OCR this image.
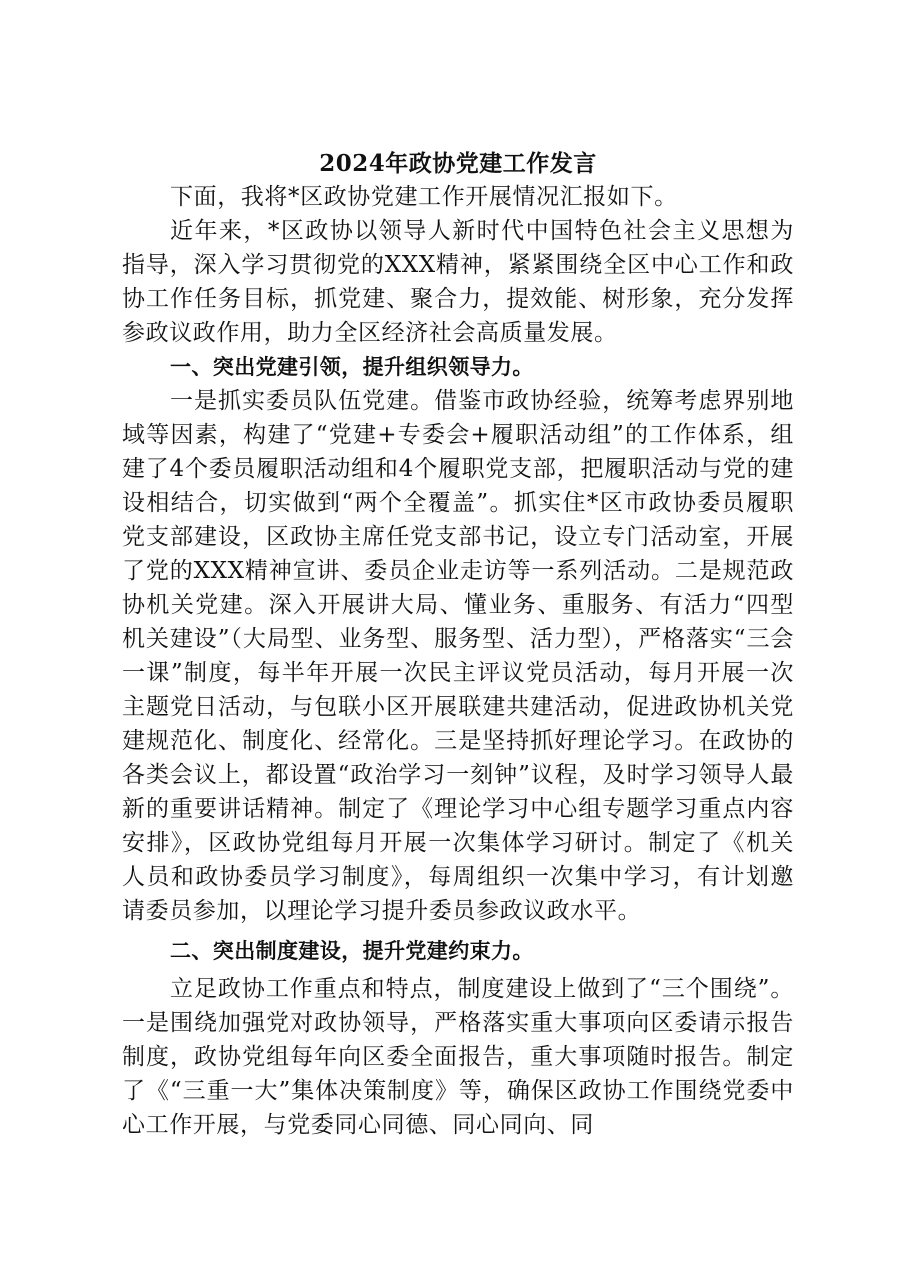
2024年政协党建工作发言

下面，我将*区政协党建工作开展情况汇报如下。

近年来，*区政协以领导人新时代中国特色社会主义思想为指导，深入学习贯彻党的XXX精神，紧紧围绕全区中心工作和政协工作任务目标，抓党建、聚合力，提效能、树形象，充分发挥参政议政作用，助力全区经济社会高质量发展。

一、突出党建引领，提升组织领导力。

一是抓实委员队伍党建。借鉴市政协经验，统筹考虑界别地域等因素，构建了“党建+专委会+履职活动组”的工作体系，组建了4个委员履职活动组和4个履职党支部，把履职活动与党的建设相结合，切实做到“两个全覆盖”。抓实住*区市政协委员履职党支部建设，区政协主席任党支部书记，设立专门活动室，开展了党的XXX精神宣讲、委员企业走访等一系列活动。二是规范政协机关党建。深入开展讲大局、懂业务、重服务、有活力“四型机关建设”（大局型、业务型、服务型、活力型），严格落实“三会一课”制度，每半年开展一次民主评议党员活动，每月开展一次主题党日活动，与包联小区开展联建共建活动，促进政协机关党建规范化、制度化、经常化。三是坚持抓好理论学习。在政协的各类会议上，都设置“政治学习一刻钟”议程，及时学习领导人最新的重要讲话精神。制定了《理论学习中心组专题学习重点内容安排》，区政协党组每月开展一次集体学习研讨。制定了《机关人员和政协委员学习制度》，每周组织一次集中学习，有计划邀请委员参加，以理论学习提升委员参政议政水平。

二、突出制度建设，提升党建约束力。

立足政协工作重点和特点，制度建设上做到了“三个围绕”。一是围绕加强党对政协领导，严格落实重大事项向区委请示报告制度，政协党组每年向区委全面报告，重大事项随时报告。制定了《“三重一大”集体决策制度》等，确保区政协工作围绕党委中心工作开展，与党委同心同德、同心同向、同
